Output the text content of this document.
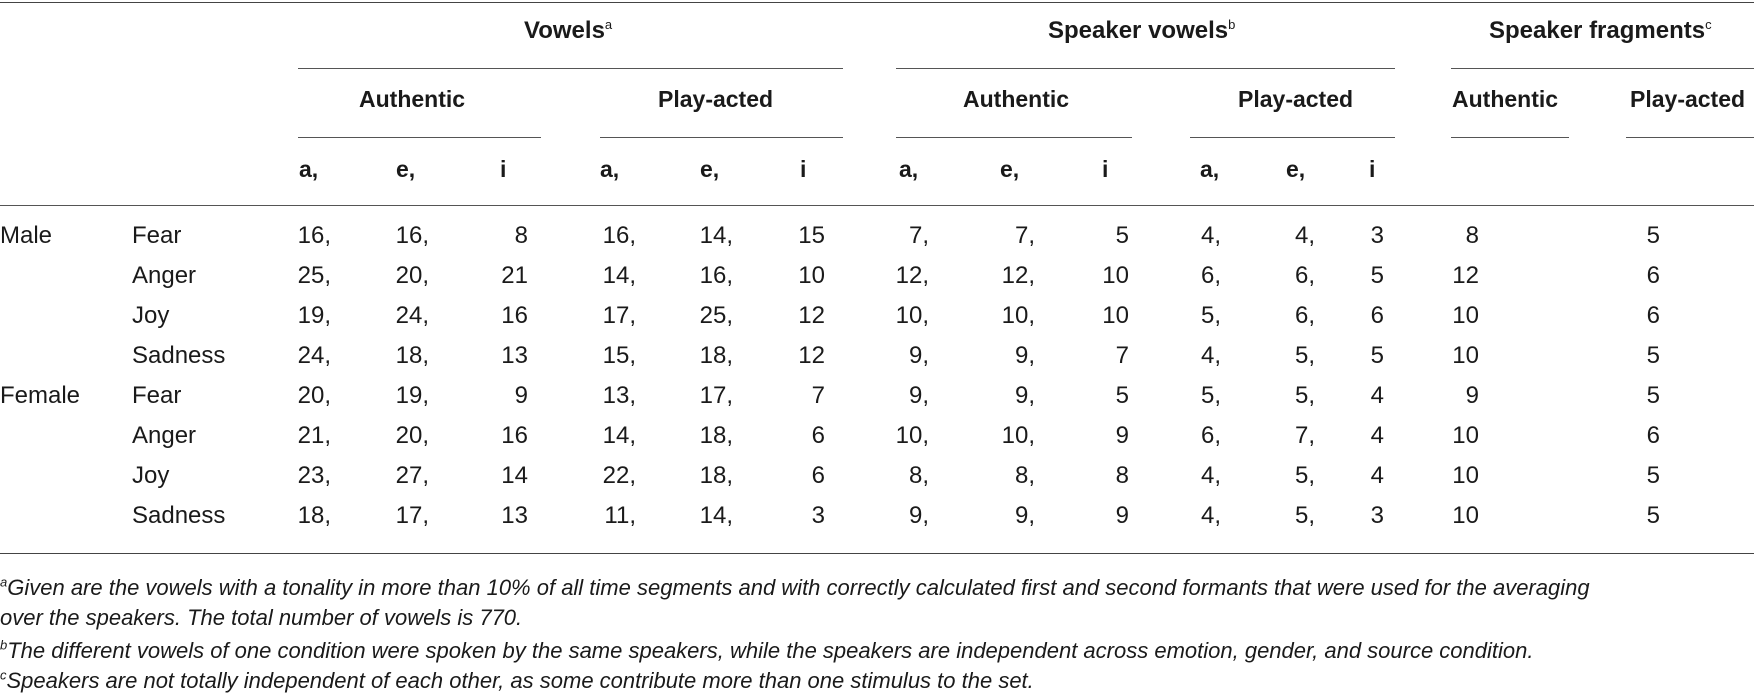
Vowels$^a$	Speaker vowels$^b$	Speaker fragments$^c$
Authentic	Play-acted	Authentic	Play-acted	Authentic	Play-acted
a,	e,	i	a,	e,	i	a,	e,	i	a,	e,	i
Male	Fear	16,	16,	8	16,	14,	15	7,	7,	5	4,	4,	3	8	5
Anger	25,	20,	21	14,	16,	10	12,	12,	10	6,	6,	5	12	6
Joy	19,	24,	16	17,	25,	12	10,	10,	10	5,	6,	6	10	6
Sadness	24,	18,	13	15,	18,	12	9,	9,	7	4,	5,	5	10	5
Female Fear	20,	19,	9	13,	17,	7	9,	9,	5	5,	5,	4	9	5
Anger	21,	20,	16	14,	18,	6	10,	10,	9	6,	7,	4	10	6
Joy	23,	27,	14	22,	18,	6	8,	8,	8	4,	5,	4	10	5
Sadness	18,	17,	13	11,	14,	3	9,	9,	9	4,	5,	3	10	5
$^a$Given are the vowels with a tonality in more than 10% of all time segments and with correctly calculated first and second formants that were used for the averaging
over the speakers. The total number of vowels is 770.
$^b$The different vowels of one condition were spoken by the same speakers, while the speakers are independent across emotion, gender, and source condition.
$^c$Speakers are not totally independent of each other, as some contribute more than one stimulus to the set.
